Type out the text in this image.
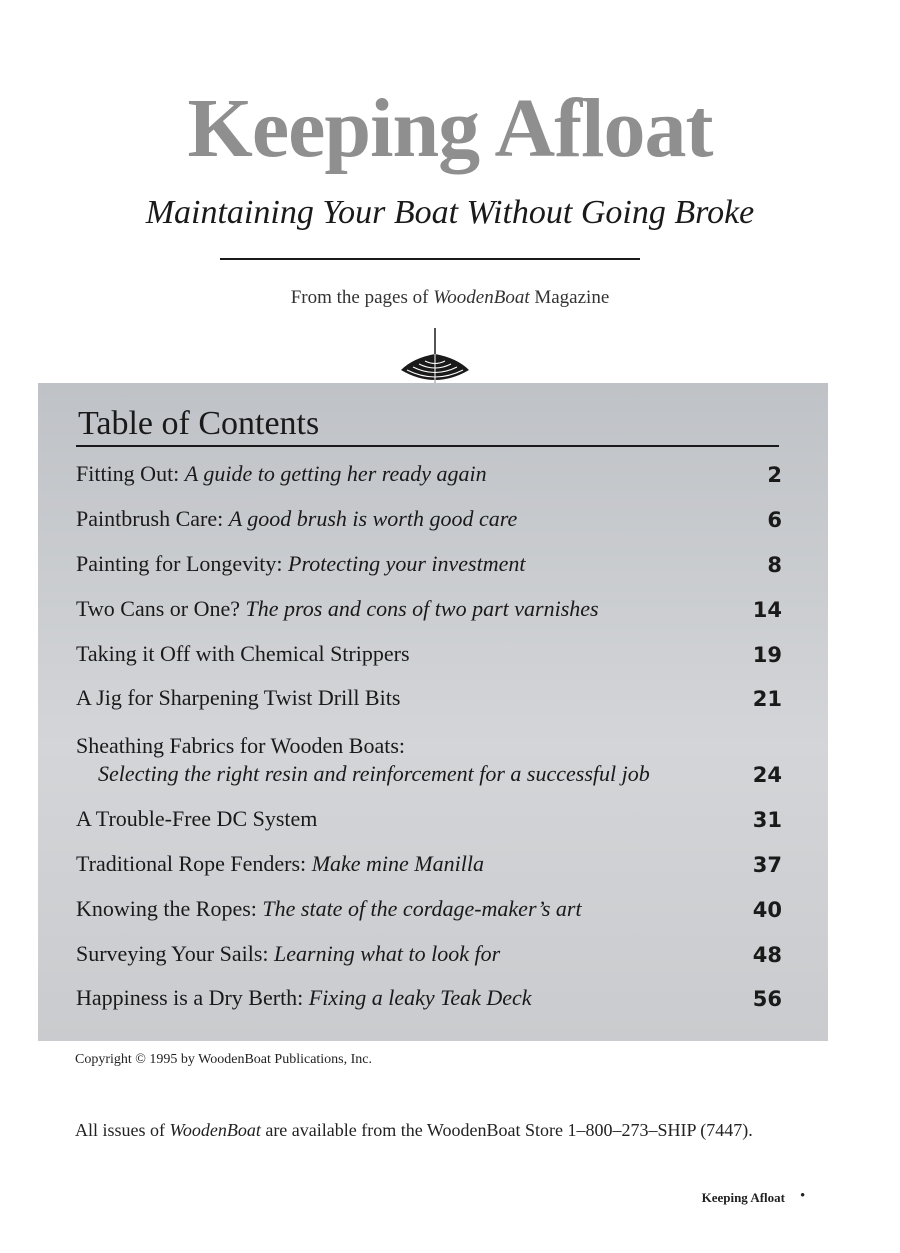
Keeping Afloat
Maintaining Your Boat Without Going Broke
From the pages of WoodenBoat Magazine
Table of Contents
Fitting Out: A guide to getting her ready again	2
Paintbrush Care: A good brush is worth good care	6
Painting for Longevity: Protecting your investment	8
Two Cans or One? The pros and cons of two part varnishes	14
Taking it Off with Chemical Strippers	19
A Jig for Sharpening Twist Drill Bits	21
Sheathing Fabrics for Wooden Boats:
Selecting the right resin and reinforcement for a successful job	24
A Trouble-Free DC System	31
Traditional Rope Fenders: Make mine Manilla	37
Knowing the Ropes: The state of the cordage-maker’s art	40
Surveying Your Sails: Learning what to look for	48
Happiness is a Dry Berth: Fixing a leaky Teak Deck	56
Copyright © 1995 by WoodenBoat Publications, Inc.
All issues of WoodenBoat are available from the WoodenBoat Store 1–800–273–SHIP (7447).
Keeping Afloat •
